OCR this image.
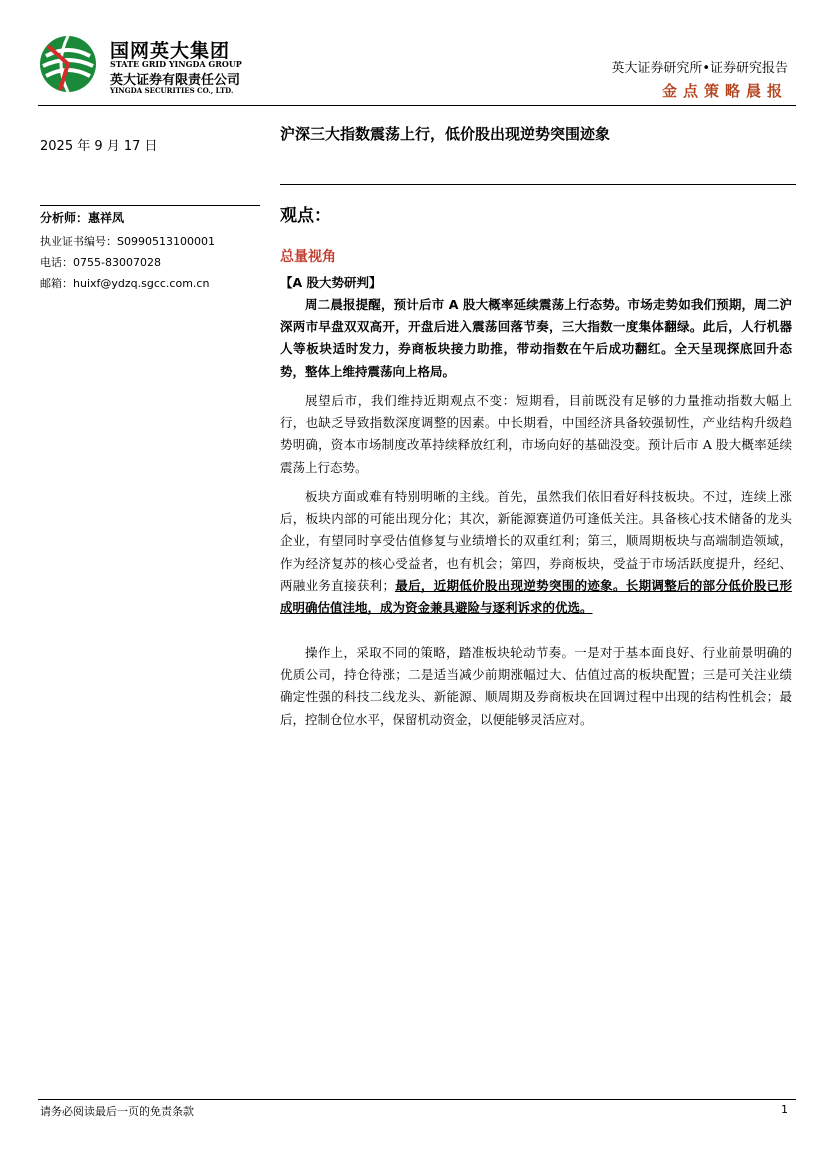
国网英大集团
STATE GRID YINGDA GROUP
英大证券有限责任公司
YINGDA SECURITIES CO., LTD.
英大证券研究所•证券研究报告
金点策略晨报
2025 年 9 月 17 日
分析师：惠祥凤
执业证书编号：S0990513100001
电话：0755-83007028
邮箱：huixf@ydzq.sgcc.com.cn
沪深三大指数震荡上行，低价股出现逆势突围迹象
观点：
总量视角
【A 股大势研判】

周二晨报提醒，预计后市 A 股大概率延续震荡上行态势。市场走势如我们预期，周二沪深两市早盘双双高开，开盘后进入震荡回落节奏，三大指数一度集体翻绿。此后，人行机器人等板块适时发力，券商板块接力助推，带动指数在午后成功翻红。全天呈现探底回升态势，整体上维持震荡向上格局。

展望后市，我们维持近期观点不变：短期看，目前既没有足够的力量推动指数大幅上行，也缺乏导致指数深度调整的因素。中长期看，中国经济具备较强韧性，产业结构升级趋势明确，资本市场制度改革持续释放红利，市场向好的基础没变。预计后市 A 股大概率延续震荡上行态势。

板块方面或难有特别明晰的主线。首先，虽然我们依旧看好科技板块。不过，连续上涨后，板块内部的可能出现分化；其次，新能源赛道仍可逢低关注。具备核心技术储备的龙头企业，有望同时享受估值修复与业绩增长的双重红利；第三，顺周期板块与高端制造领域，作为经济复苏的核心受益者，也有机会；第四，券商板块，受益于市场活跃度提升，经纪、两融业务直接获利；最后，近期低价股出现逆势突围的迹象。长期调整后的部分低价股已形成明确估值洼地，成为资金兼具避险与逐利诉求的优选。

操作上，采取不同的策略，踏准板块轮动节奏。一是对于基本面良好、行业前景明确的优质公司，持仓待涨；二是适当减少前期涨幅过大、估值过高的板块配置；三是可关注业绩确定性强的科技二线龙头、新能源、顺周期及券商板块在回调过程中出现的结构性机会；最后，控制仓位水平，保留机动资金，以便能够灵活应对。

请务必阅读最后一页的免责条款	1
